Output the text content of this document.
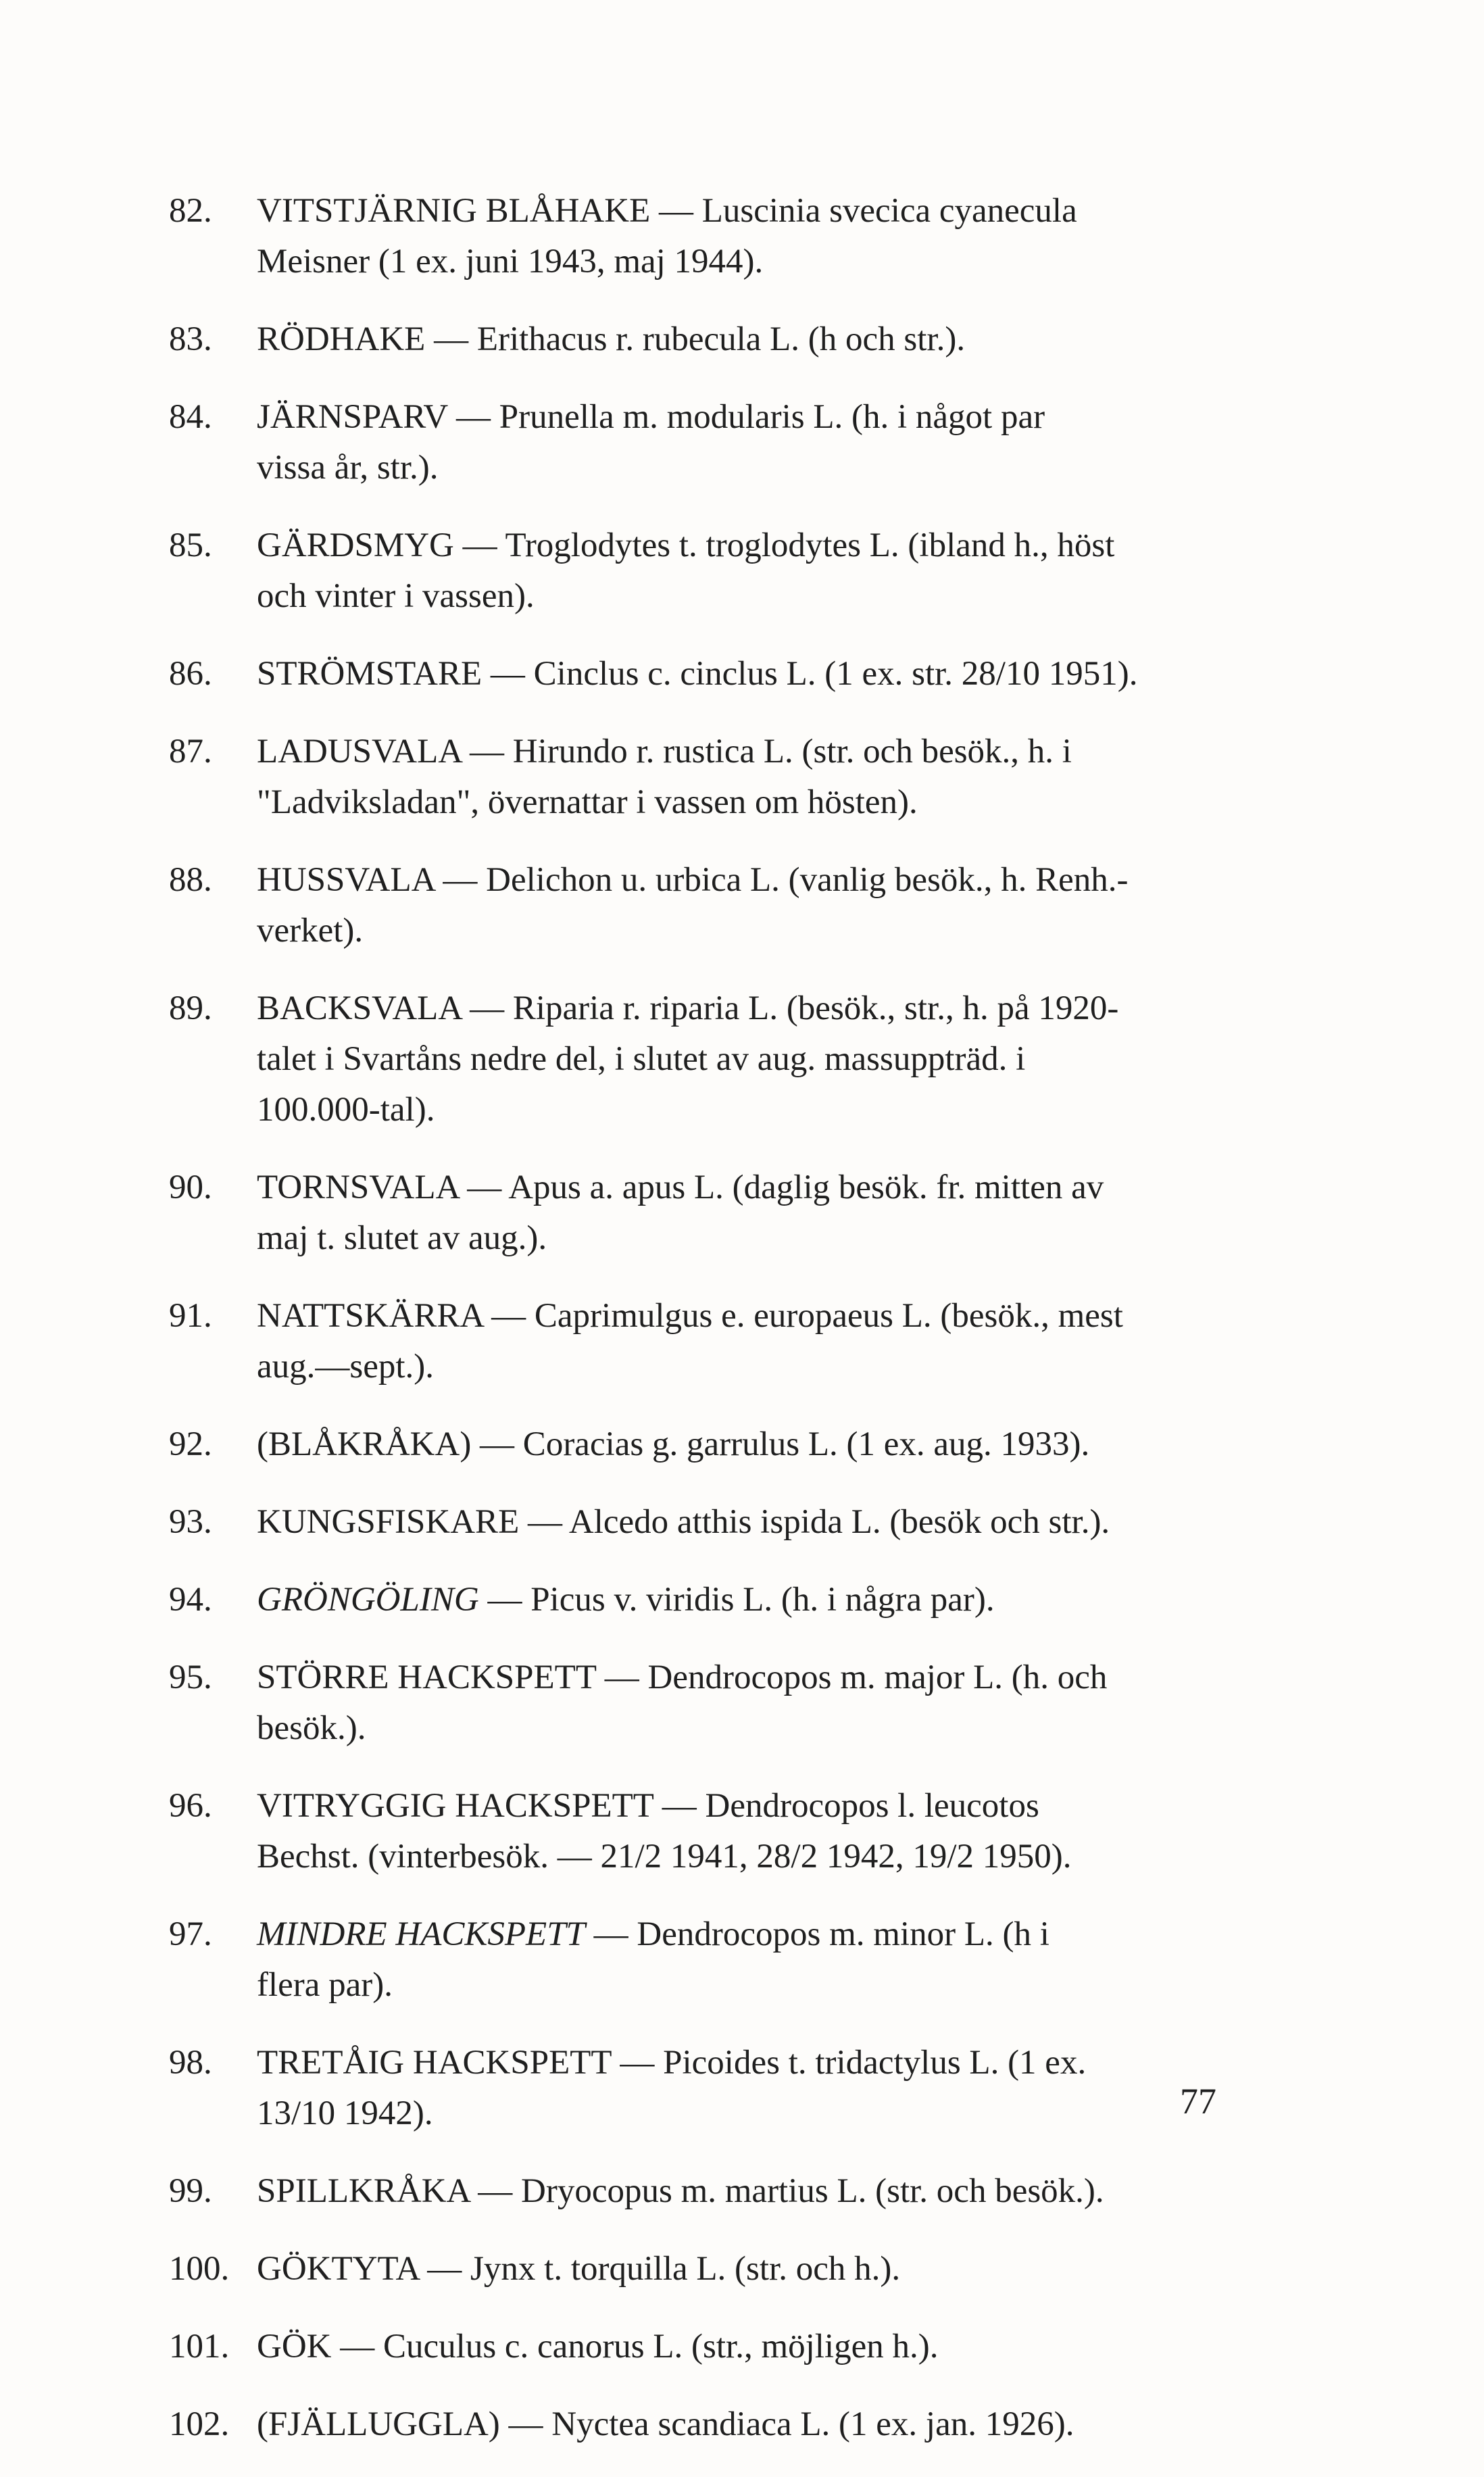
82. VITSTJÄRNIG BLÅHAKE — Luscinia svecica cyanecula
Meisner (1 ex. juni 1943, maj 1944).
83. RÖDHAKE — Erithacus r. rubecula L. (h och str.).
84. JÄRNSPARV — Prunella m. modularis L. (h. i något par
vissa år, str.).
85. GÄRDSMYG — Troglodytes t. troglodytes L. (ibland h., höst
och vinter i vassen).
86. STRÖMSTARE — Cinclus c. cinclus L. (1 ex. str. 28/10 1951).
87. LADUSVALA — Hirundo r. rustica L. (str. och besök., h. i
"Ladviksladan", övernattar i vassen om hösten).
88. HUSSVALA — Delichon u. urbica L. (vanlig besök., h. Renh.-
verket).
89. BACKSVALA — Riparia r. riparia L. (besök., str., h. på 1920-
talet i Svartåns nedre del, i slutet av aug. massuppträd. i
100.000-tal).
90. TORNSVALA — Apus a. apus L. (daglig besök. fr. mitten av
maj t. slutet av aug.).
91. NATTSKÄRRA — Caprimulgus e. europaeus L. (besök., mest
aug.—sept.).
92. (BLÅKRÅKA) — Coracias g. garrulus L. (1 ex. aug. 1933).
93. KUNGSFISKARE — Alcedo atthis ispida L. (besök och str.).
94. GRÖNGÖLING — Picus v. viridis L. (h. i några par).
95. STÖRRE HACKSPETT — Dendrocopos m. major L. (h. och
besök.).
96. VITRYGGIG HACKSPETT — Dendrocopos l. leucotos
Bechst. (vinterbesök. — 21/2 1941, 28/2 1942, 19/2 1950).
97. MINDRE HACKSPETT — Dendrocopos m. minor L. (h i
flera par).
98. TRETÅIG HACKSPETT — Picoides t. tridactylus L. (1 ex.
13/10 1942).
99. SPILLKRÅKA — Dryocopus m. martius L. (str. och besök.).
100. GÖKTYTA — Jynx t. torquilla L. (str. och h.).
101. GÖK — Cuculus c. canorus L. (str., möjligen h.).
102. (FJÄLLUGGLA) — Nyctea scandiaca L. (1 ex. jan. 1926).
77
